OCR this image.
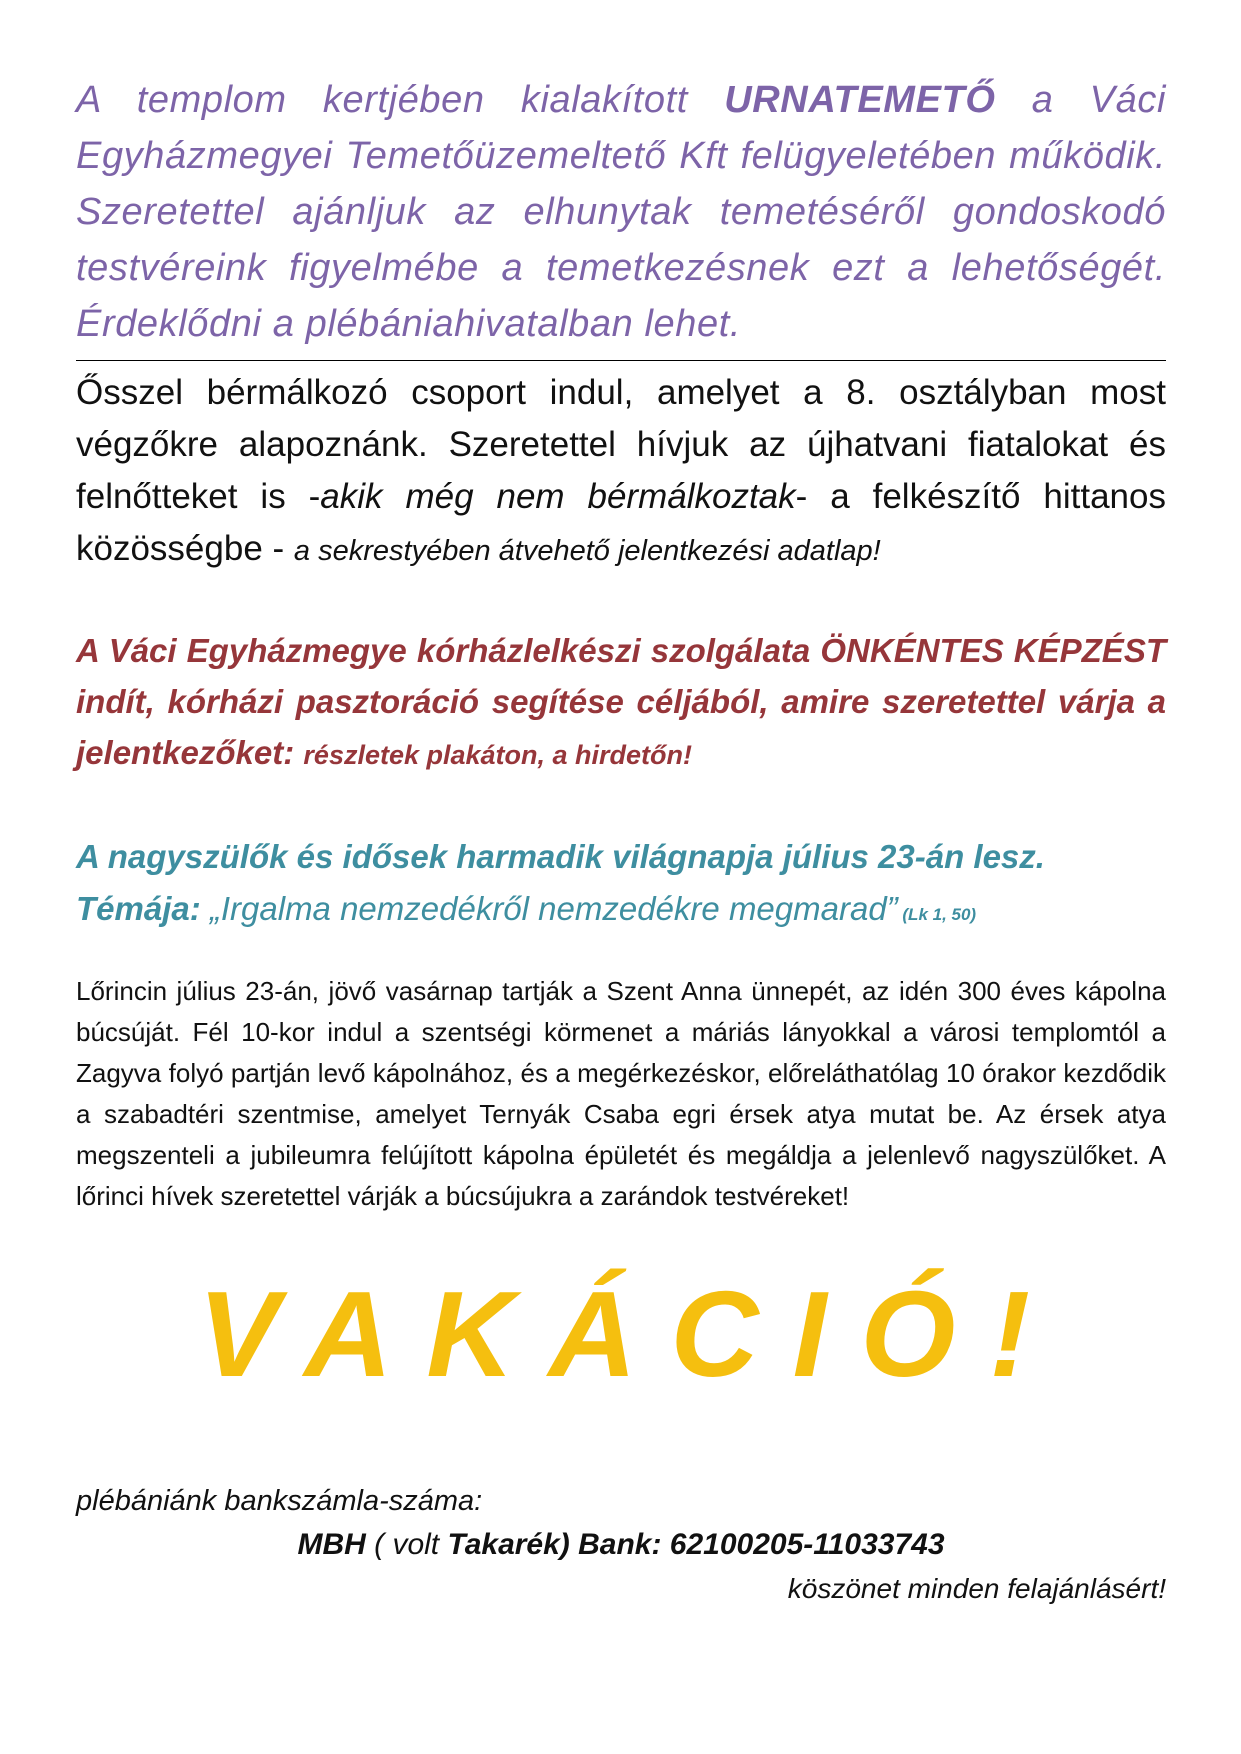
A templom kertjében kialakított URNATEMETŐ a Váci Egyházmegyei Temetőüzemeltető Kft felügyeletében működik. Szeretettel ajánljuk az elhunytak temetéséről gondoskodó testvéreink figyelmébe a temetkezésnek ezt a lehetőségét. Érdeklődni a plébániahivatalban lehet.

Ősszel bérmálkozó csoport indul, amelyet a 8. osztályban most végzőkre alapoznánk. Szeretettel hívjuk az újhatvani fiatalokat és felnőtteket is -akik még nem bérmálkoztak- a felkészítő hittanos közösségbe - a sekrestyében átvehető jelentkezési adatlap!

A Váci Egyházmegye kórházlelkészi szolgálata ÖNKÉNTES KÉPZÉST indít, kórházi pasztoráció segítése céljából, amire szeretettel várja a jelentkezőket: részletek plakáton, a hirdetőn!

A nagyszülők és idősek harmadik világnapja július 23-án lesz.
Témája: „Irgalma nemzedékről nemzedékre megmarad” (Lk 1, 50)

Lőrincin július 23-án, jövő vasárnap tartják a Szent Anna ünnepét, az idén 300 éves kápolna búcsúját. Fél 10-kor indul a szentségi körmenet a máriás lányokkal a városi templomtól a Zagyva folyó partján levő kápolnához, és a megérkezéskor, előreláthatólag 10 órakor kezdődik a szabadtéri szentmise, amelyet Ternyák Csaba egri érsek atya mutat be. Az érsek atya megszenteli a jubileumra felújított kápolna épületét és megáldja a jelenlevő nagyszülőket. A lőrinci hívek szeretettel várják a búcsújukra a zarándok testvéreket!

VAKÁCIÓ!

plébániánk bankszámla-száma:

MBH ( volt Takarék) Bank: 62100205-11033743

köszönet minden felajánlásért!
